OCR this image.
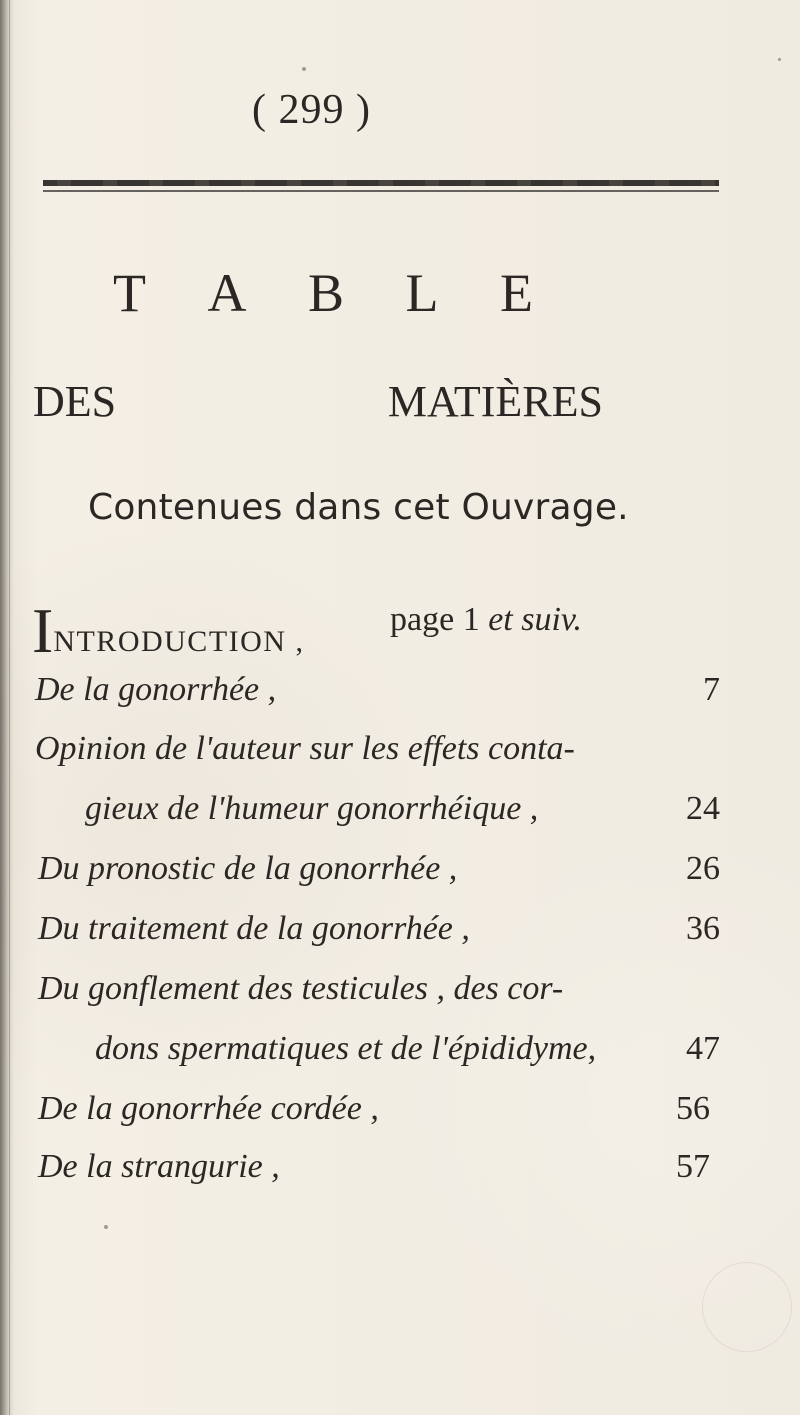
( 299 )
T A B L E
DES	MATIÈRES
Contenues dans cet Ouvrage.
INTRODUCTION ,
page 1 et suiv.
De la gonorrhée ,	7
Opinion de l'auteur sur les effets conta-
gieux de l'humeur gonorrhéique ,	24
Du pronostic de la gonorrhée ,	26
Du traitement de la gonorrhée ,	36
Du gonflement des testicules , des cor-
dons spermatiques et de l'épididyme,	47
De la gonorrhée cordée ,	56
De la strangurie ,	57
